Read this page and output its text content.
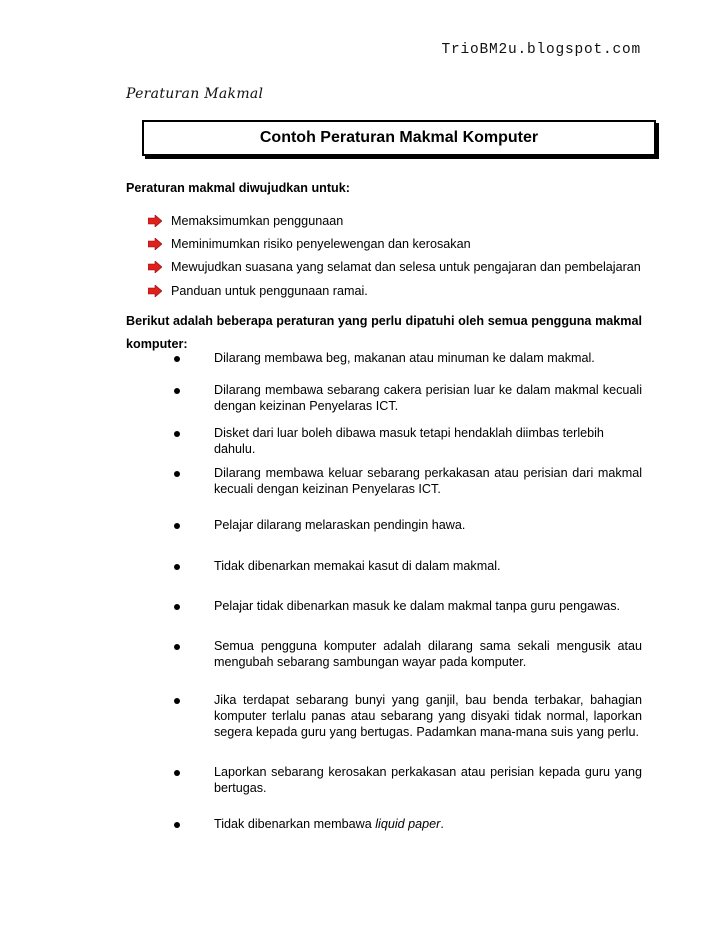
TrioBM2u.blogspot.com
Peraturan Makmal
Contoh Peraturan Makmal Komputer
Peraturan makmal diwujudkan untuk:
Memaksimumkan penggunaan
Meminimumkan risiko penyelewengan dan kerosakan
Mewujudkan suasana yang selamat dan selesa untuk pengajaran dan pembelajaran
Panduan untuk penggunaan ramai.
Berikut adalah beberapa peraturan yang perlu dipatuhi oleh semua pengguna makmal komputer:
Dilarang membawa beg, makanan atau minuman ke dalam makmal.
Dilarang membawa sebarang cakera perisian luar ke dalam makmal kecuali dengan keizinan Penyelaras ICT.
Disket dari luar boleh dibawa masuk tetapi hendaklah diimbas terlebih dahulu.
Dilarang membawa keluar sebarang perkakasan atau perisian dari makmal kecuali dengan keizinan Penyelaras ICT.
Pelajar dilarang melaraskan pendingin hawa.
Tidak dibenarkan memakai kasut di dalam makmal.
Pelajar tidak dibenarkan masuk ke dalam makmal tanpa guru pengawas.
Semua pengguna komputer adalah dilarang sama sekali mengusik atau mengubah sebarang sambungan wayar pada komputer.
Jika terdapat sebarang bunyi yang ganjil, bau benda terbakar, bahagian komputer terlalu panas atau sebarang yang disyaki tidak normal, laporkan segera kepada guru yang bertugas. Padamkan mana-mana suis yang perlu.
Laporkan sebarang kerosakan perkakasan atau perisian kepada guru yang bertugas.
Tidak dibenarkan membawa liquid paper.
